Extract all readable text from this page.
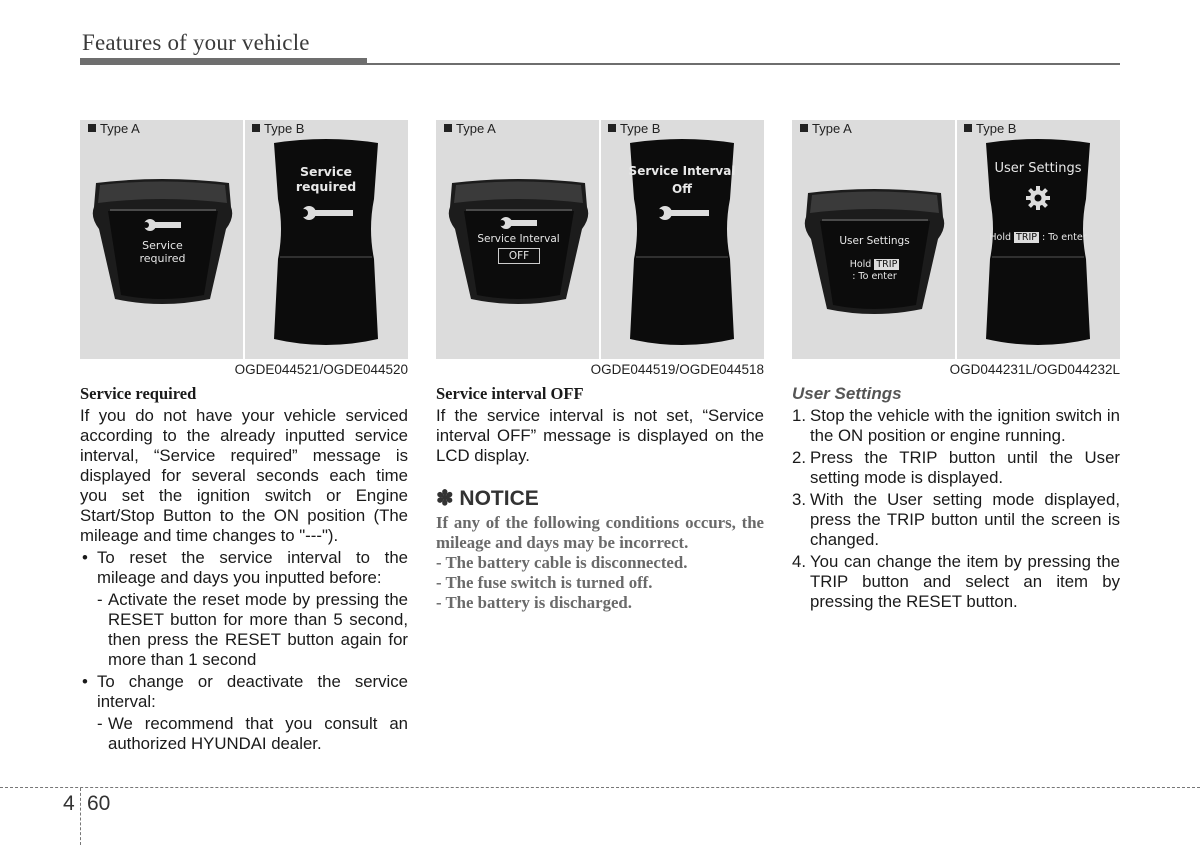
Features of your vehicle
Type A	Type B
Service
required
Service required
OGDE044521/OGDE044520
Type A	Type B
Service Interval
OFF
Service Interval
Off
OGDE044519/OGDE044518
Type A	Type B
User Settings
Hold TRIP
: To enter
User Settings
Hold TRIP : To enter
OGD044231L/OGD044232L
Service required
If you do not have your vehicle serviced according to the already inputted service interval, “Service required” message is displayed for several seconds each time you set the ignition switch or Engine Start/Stop Button to the ON position (The mileage and time changes to "---").
• To reset the service interval to the mileage and days you inputted before:
- Activate the reset mode by pressing the RESET button for more than 5 second, then press the RESET button again for more than 1 second
• To change or deactivate the service interval:
- We recommend that you consult an authorized HYUNDAI dealer.
Service interval OFF
If the service interval is not set, “Service interval OFF” message is displayed on the LCD display.
✽ NOTICE
If any of the following conditions occurs, the mileage and days may be incorrect.
- The battery cable is disconnected.
- The fuse switch is turned off.
- The battery is discharged.
User Settings
1. Stop the vehicle with the ignition switch in the ON position or engine running.
2. Press the TRIP button until the User setting mode is displayed.
3. With the User setting mode displayed, press the TRIP button until the screen is changed.
4. You can change the item by pressing the TRIP button and select an item by pressing the RESET button.
4 60
